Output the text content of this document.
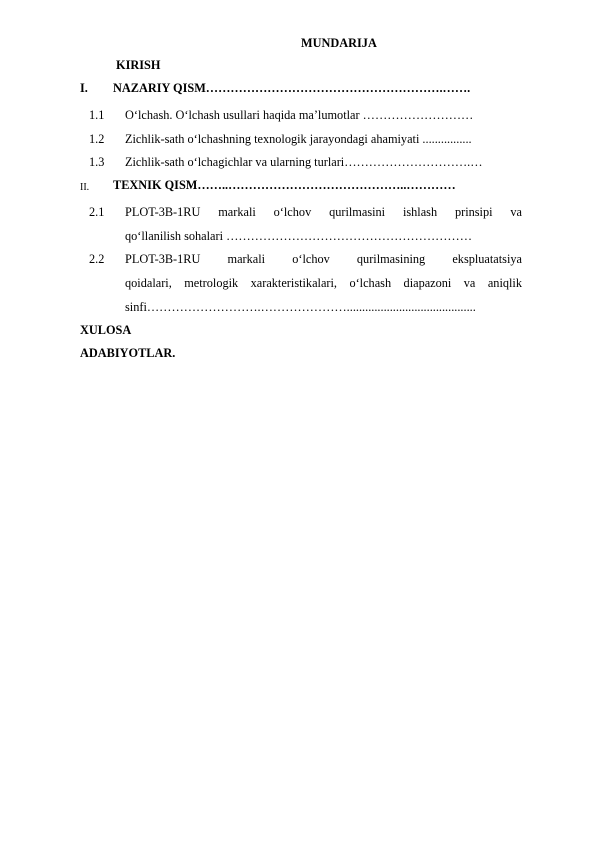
MUNDARIJA
KIRISH
I. NAZARIY QISM………………………………………………….…….
1.1 O‘lchash. O‘lchash usullari haqida ma’lumotlar ………………………
1.2 Zichlik-sath o‘lchashning texnologik jarayondagi ahamiyati ................
1.3 Zichlik-sath o‘lchagichlar va ularning turlari………………………….…
II. TEXNIK QISM……..……………………………………..…………
2.1 PLOT-3B-1RU markali o‘lchov qurilmasini ishlash prinsipi va
qo‘llanilish sohalari ……………………………………………………
2.2 PLOT-3B-1RU markali o‘lchov qurilmasining ekspluatatsiya
qoidalari, metrologik xarakteristikalari, o‘lchash diapazoni va aniqlik
sinfi……………………….…………………..........................................
XULOSA
ADABIYOTLAR.
